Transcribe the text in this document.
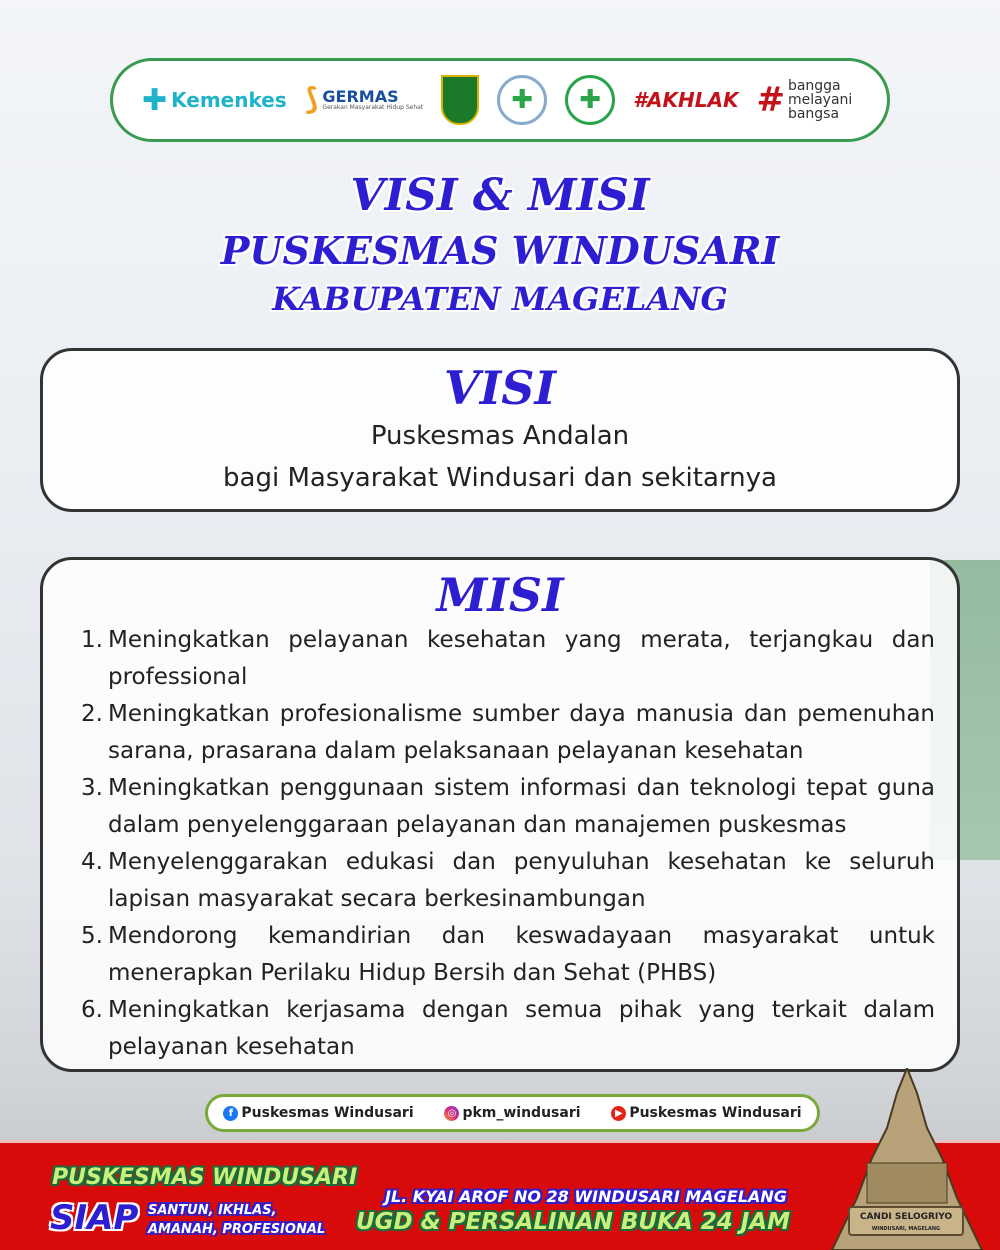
✚ Kemenkes ⟆ GERMAS
Gerakan Masyarakat Hidup Sehat	✚	✚	#AKHLAK # bangga melayani bangsa
VISI & MISI
PUSKESMAS WINDUSARI
KABUPATEN MAGELANG
VISI
Puskesmas Andalan
bagi Masyarakat Windusari dan sekitarnya
MISI
1. Meningkatkan pelayanan kesehatan yang merata, terjangkau dan professional
2. Meningkatkan profesionalisme sumber daya manusia dan pemenuhan sarana, prasarana dalam pelaksanaan pelayanan kesehatan
3. Meningkatkan penggunaan sistem informasi dan teknologi tepat guna dalam penyelenggaraan pelayanan dan manajemen puskesmas
4. Menyelenggarakan edukasi dan penyuluhan kesehatan ke seluruh lapisan masyarakat secara berkesinambungan
5. Mendorong kemandirian dan keswadayaan masyarakat untuk menerapkan Perilaku Hidup Bersih dan Sehat (PHBS)
6. Meningkatkan kerjasama dengan semua pihak yang terkait dalam pelayanan kesehatan
f Puskesmas Windusari	◎ pkm_windusari	▶ Puskesmas Windusari
PUSKESMAS WINDUSARI
SIAP SANTUN, IKHLAS,
AMANAH, PROFESIONAL
JL. KYAI AROF NO 28 WINDUSARI MAGELANG
UGD & PERSALINAN BUKA 24 JAM	CANDI SELOGRIYO
WINDUSARI, MAGELANG
